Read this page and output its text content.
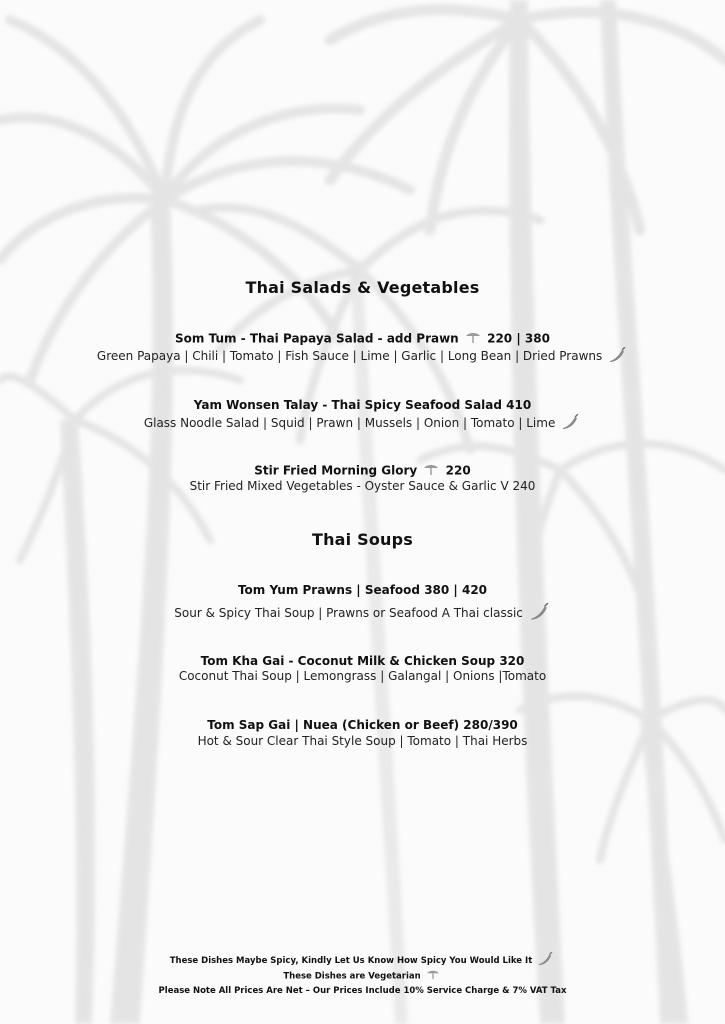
Thai Salads & Vegetables
Som Tum - Thai Papaya Salad - add Prawn 220 | 380
Green Papaya | Chili | Tomato | Fish Sauce | Lime | Garlic | Long Bean | Dried Prawns
Yam Wonsen Talay - Thai Spicy Seafood Salad 410
Glass Noodle Salad | Squid | Prawn | Mussels | Onion | Tomato | Lime
Stir Fried Morning Glory 220
Stir Fried Mixed Vegetables - Oyster Sauce & Garlic V 240
Thai Soups
Tom Yum Prawns | Seafood 380 | 420
Sour & Spicy Thai Soup | Prawns or Seafood A Thai classic
Tom Kha Gai - Coconut Milk & Chicken Soup 320
Coconut Thai Soup | Lemongrass | Galangal | Onions |Tomato
Tom Sap Gai | Nuea (Chicken or Beef) 280/390
Hot & Sour Clear Thai Style Soup | Tomato | Thai Herbs
These Dishes Maybe Spicy, Kindly Let Us Know How Spicy You Would Like It
These Dishes are Vegetarian
Please Note All Prices Are Net – Our Prices Include 10% Service Charge & 7% VAT Tax
